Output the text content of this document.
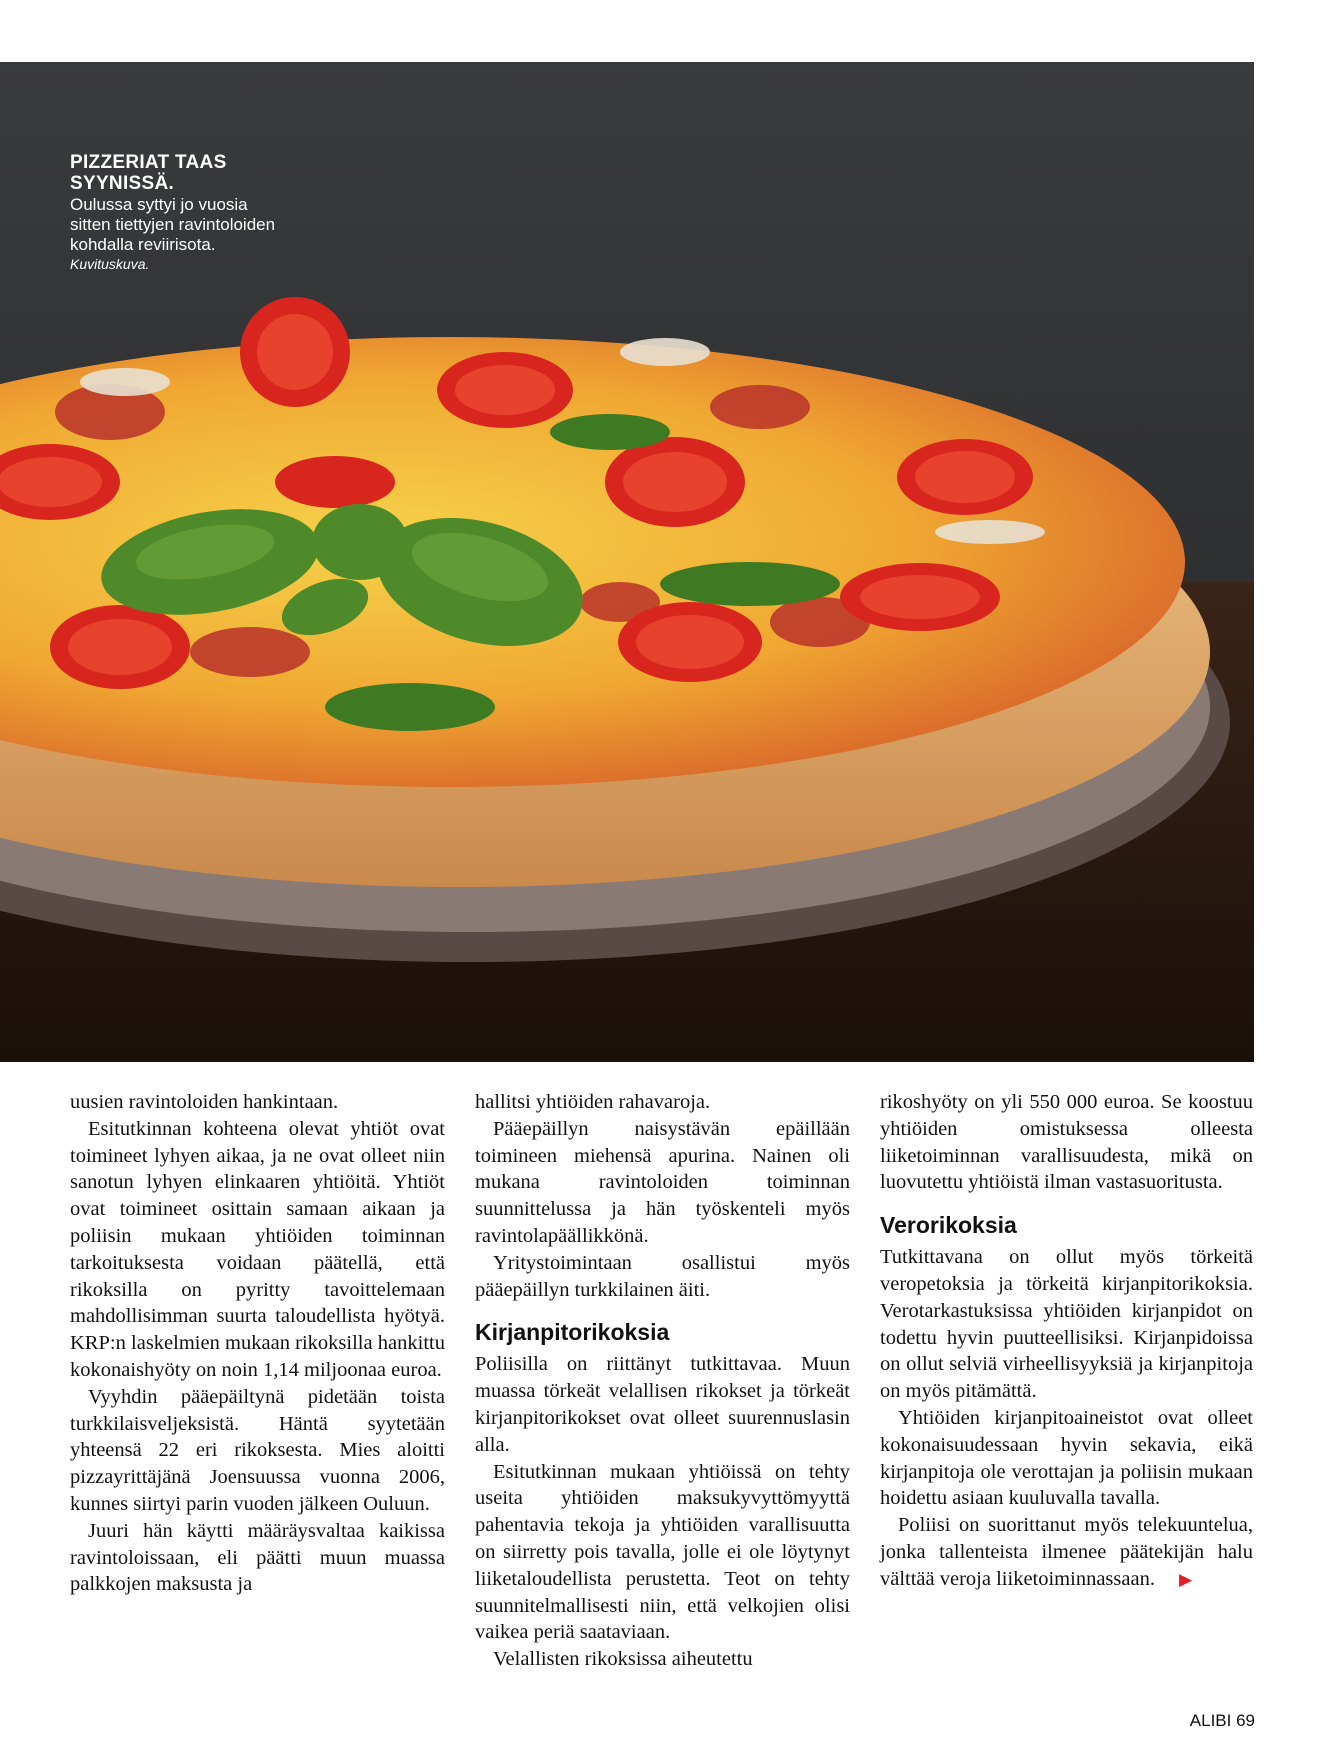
PIZZERIAT TAAS SYYNISSÄ.
Oulussa syttyi jo vuosia sitten tiettyjen ravintoloiden kohdalla reviirisota.
Kuvituskuva.

uusien ravintoloiden hankintaan.

Esitutkinnan kohteena olevat yhtiöt ovat toimineet lyhyen aikaa, ja ne ovat olleet niin sanotun lyhyen elinkaaren yhtiöitä. Yhtiöt ovat toimineet osittain samaan aikaan ja poliisin mukaan yhtiöiden toiminnan tarkoituksesta voidaan päätellä, että rikoksilla on pyritty tavoittelemaan mahdollisimman suurta taloudellista hyötyä. KRP:n laskelmien mukaan rikoksilla hankittu kokonaishyöty on noin 1,14 miljoonaa euroa.

Vyyhdin pääepäiltynä pidetään toista turkkilaisveljeksistä. Häntä syytetään yhteensä 22 eri rikoksesta. Mies aloitti pizzayrittäjänä Joensuussa vuonna 2006, kunnes siirtyi parin vuoden jälkeen Ouluun.

Juuri hän käytti määräysvaltaa kaikissa ravintoloissaan, eli päätti muun muassa palkkojen maksusta ja

hallitsi yhtiöiden rahavaroja.

Pääepäillyn naisystävän epäillään toimineen miehensä apurina. Nainen oli mukana ravintoloiden toiminnan suunnittelussa ja hän työskenteli myös ravintolapäällikkönä.

Yritystoimintaan osallistui myös pääepäillyn turkkilainen äiti.

Kirjanpitorikoksia

Poliisilla on riittänyt tutkittavaa. Muun muassa törkeät velallisen rikokset ja törkeät kirjanpitorikokset ovat olleet suurennuslasin alla.

Esitutkinnan mukaan yhtiöissä on tehty useita yhtiöiden maksukyvyttömyyttä pahentavia tekoja ja yhtiöiden varallisuutta on siirretty pois tavalla, jolle ei ole löytynyt liiketaloudellista perustetta. Teot on tehty suunnitelmallisesti niin, että velkojien olisi vaikea periä saataviaan.

Velallisten rikoksissa aiheutettu

rikoshyöty on yli 550 000 euroa. Se koostuu yhtiöiden omistuksessa olleesta liiketoiminnan varallisuudesta, mikä on luovutettu yhtiöistä ilman vastasuoritusta.

Verorikoksia

Tutkittavana on ollut myös törkeitä veropetoksia ja törkeitä kirjanpitorikoksia. Verotarkastuksissa yhtiöiden kirjanpidot on todettu hyvin puutteellisiksi. Kirjanpidoissa on ollut selviä virheellisyyksiä ja kirjanpitoja on myös pitämättä.

Yhtiöiden kirjanpitoaineistot ovat olleet kokonaisuudessaan hyvin sekavia, eikä kirjanpitoja ole verottajan ja poliisin mukaan hoidettu asiaan kuuluvalla tavalla.

Poliisi on suorittanut myös telekuuntelua, jonka tallenteista ilmenee päätekijän halu välttää veroja liiketoiminnassaan. ▶

ALIBI 69
